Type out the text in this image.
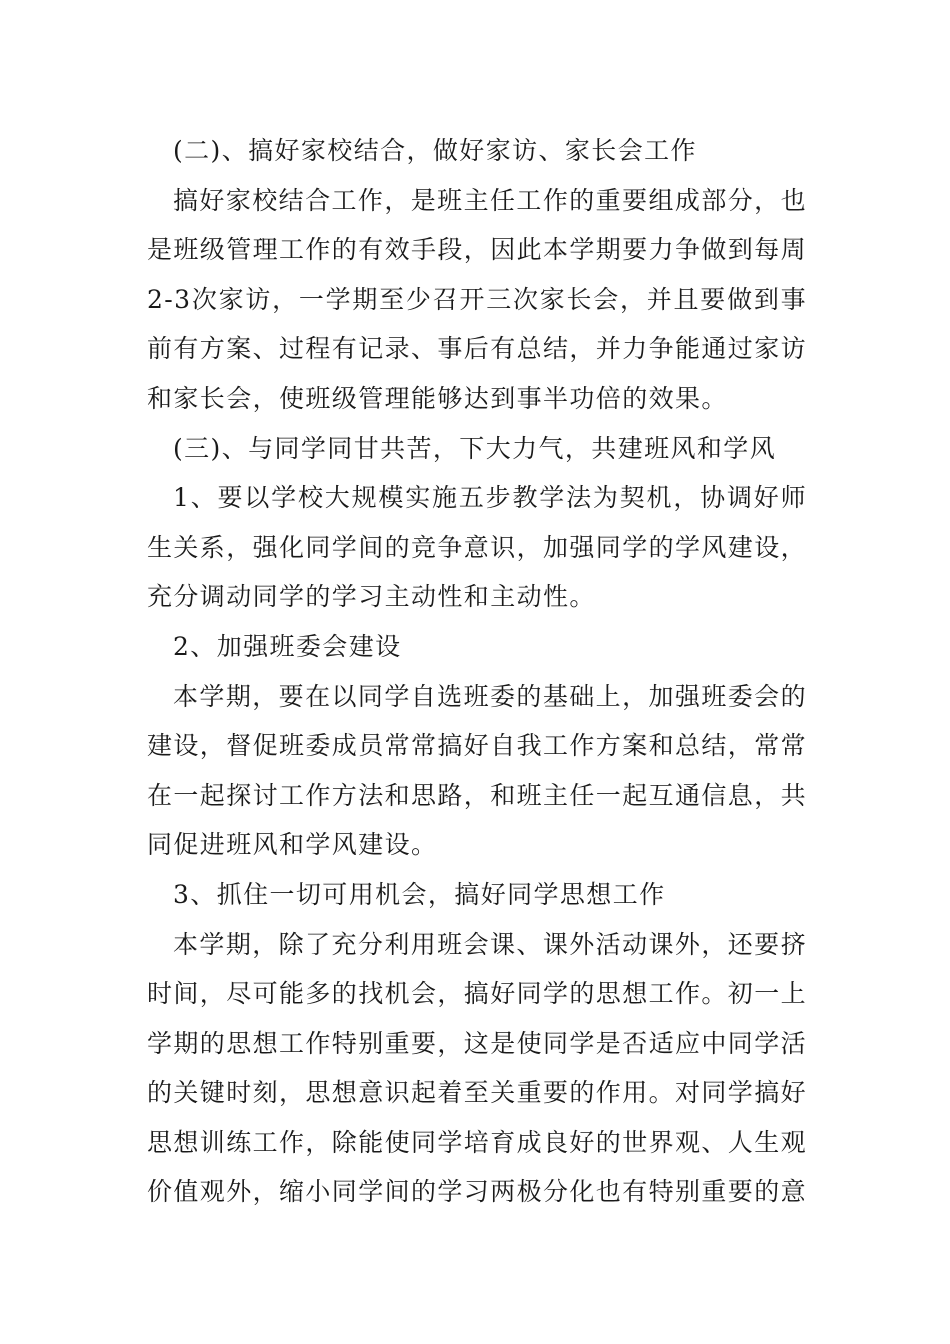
(二)、搞好家校结合，做好家访、家长会工作

搞好家校结合工作，是班主任工作的重要组成部分，也是班级管理工作的有效手段，因此本学期要力争做到每周2-3次家访，一学期至少召开三次家长会，并且要做到事前有方案、过程有记录、事后有总结，并力争能通过家访和家长会，使班级管理能够达到事半功倍的效果。

(三)、与同学同甘共苦，下大力气，共建班风和学风

1、要以学校大规模实施五步教学法为契机，协调好师生关系，强化同学间的竞争意识，加强同学的学风建设，充分调动同学的学习主动性和主动性。

2、加强班委会建设

本学期，要在以同学自选班委的基础上，加强班委会的建设，督促班委成员常常搞好自我工作方案和总结，常常在一起探讨工作方法和思路，和班主任一起互通信息，共同促进班风和学风建设。

3、抓住一切可用机会，搞好同学思想工作

本学期，除了充分利用班会课、课外活动课外，还要挤时间，尽可能多的找机会，搞好同学的思想工作。初一上学期的思想工作特别重要，这是使同学是否适应中同学活的关键时刻，思想意识起着至关重要的作用。对同学搞好思想训练工作，除能使同学培育成良好的世界观、人生观价值观外，缩小同学间的学习两极分化也有特别重要的意
